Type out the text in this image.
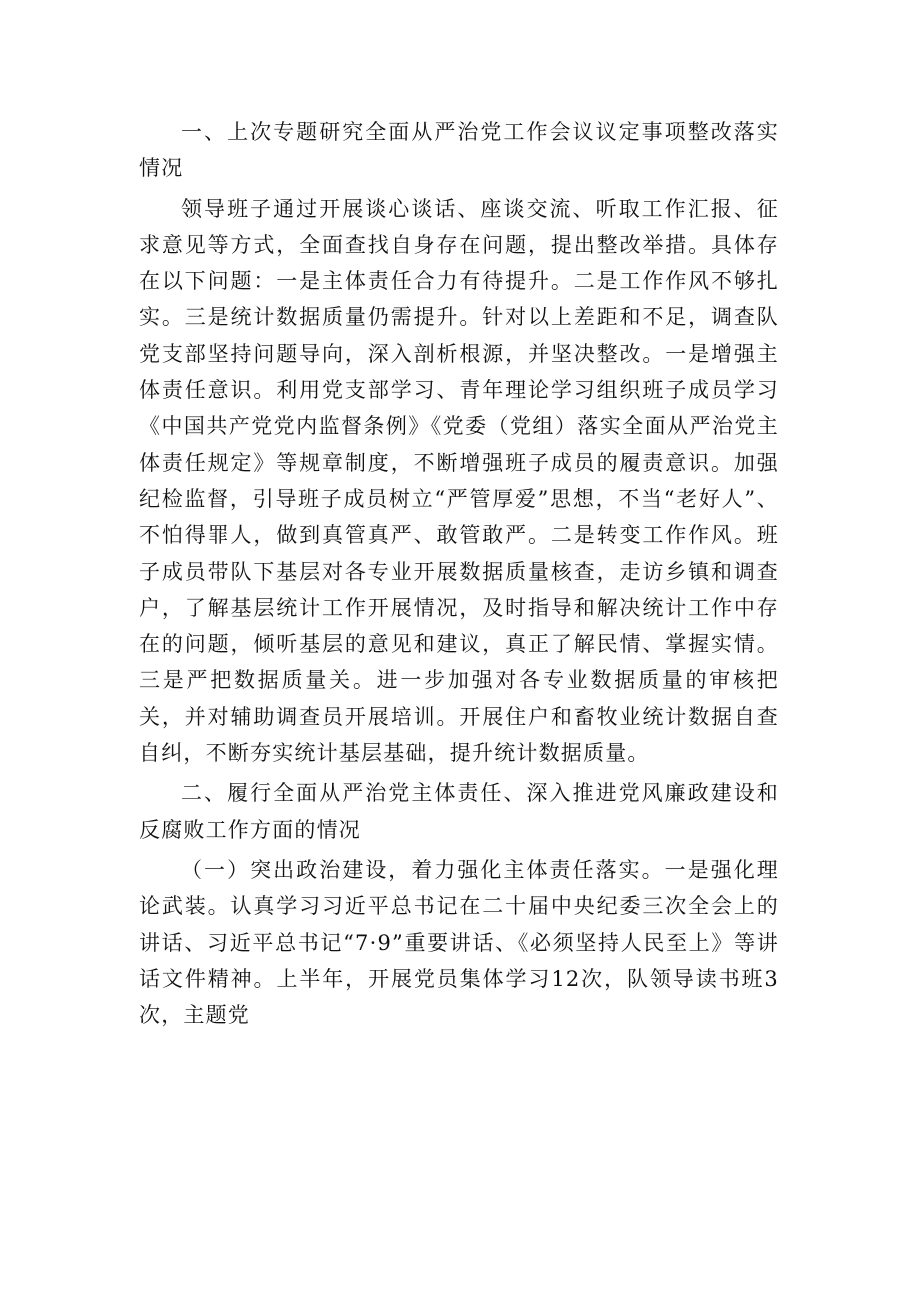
一、上次专题研究全面从严治党工作会议议定事项整改落实情况

领导班子通过开展谈心谈话、座谈交流、听取工作汇报、征求意见等方式，全面查找自身存在问题，提出整改举措。具体存在以下问题：一是主体责任合力有待提升。二是工作作风不够扎实。三是统计数据质量仍需提升。针对以上差距和不足，调查队党支部坚持问题导向，深入剖析根源，并坚决整改。一是增强主体责任意识。利用党支部学习、青年理论学习组织班子成员学习《中国共产党党内监督条例》《党委（党组）落实全面从严治党主体责任规定》等规章制度，不断增强班子成员的履责意识。加强纪检监督，引导班子成员树立“严管厚爱”思想，不当“老好人”、不怕得罪人，做到真管真严、敢管敢严。二是转变工作作风。班子成员带队下基层对各专业开展数据质量核查，走访乡镇和调查户，了解基层统计工作开展情况，及时指导和解决统计工作中存在的问题，倾听基层的意见和建议，真正了解民情、掌握实情。三是严把数据质量关。进一步加强对各专业数据质量的审核把关，并对辅助调查员开展培训。开展住户和畜牧业统计数据自查自纠，不断夯实统计基层基础，提升统计数据质量。

二、履行全面从严治党主体责任、深入推进党风廉政建设和反腐败工作方面的情况

（一）突出政治建设，着力强化主体责任落实。一是强化理论武装。认真学习习近平总书记在二十届中央纪委三次全会上的讲话、习近平总书记“7·9”重要讲话、《必须坚持人民至上》等讲话文件精神。上半年，开展党员集体学习12次，队领导读书班3次，主题党
